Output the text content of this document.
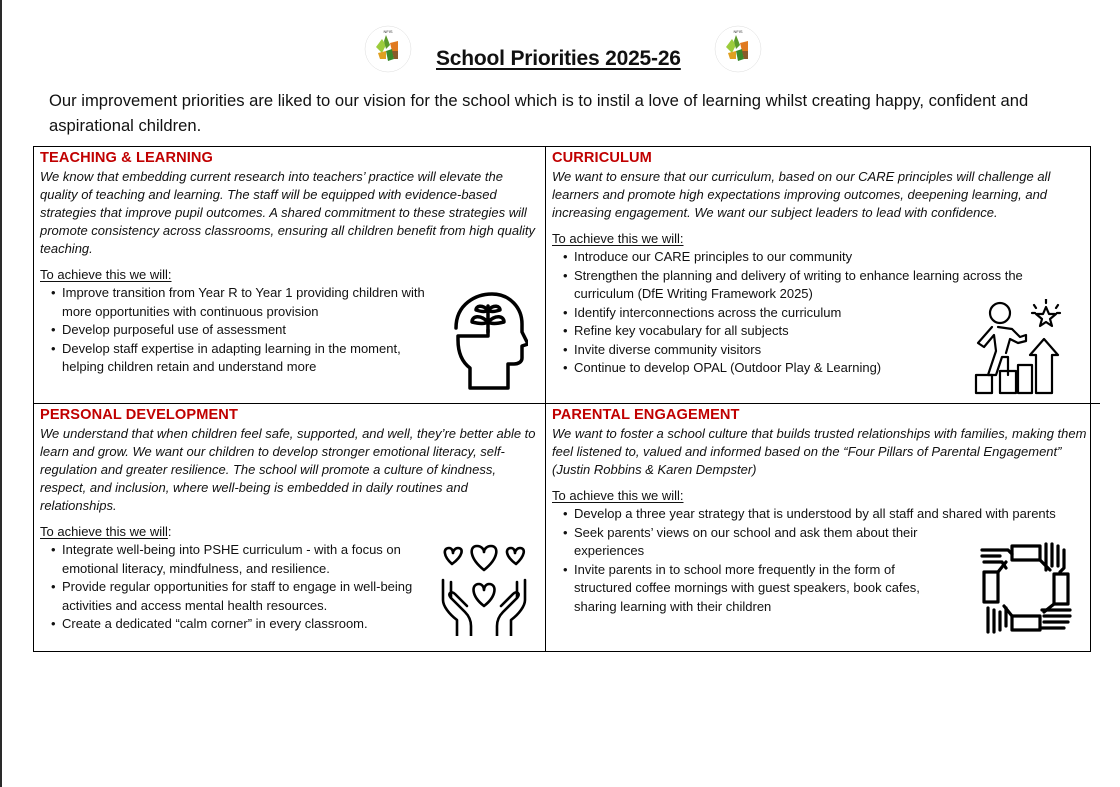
NFIS
School Priorities 2025-26
NFIS
Our improvement priorities are liked to our vision for the school which is to instil a love of learning whilst creating happy, confident and aspirational children.
TEACHING & LEARNING

We know that embedding current research into teachers’ practice will elevate the quality of teaching and learning. The staff will be equipped with evidence-based strategies that improve pupil outcomes. A shared commitment to these strategies will promote consistency across classrooms, ensuring all children benefit from high quality teaching.

To achieve this we will:

• Improve transition from Year R to Year 1 providing children with more opportunities with continuous provision
• Develop purposeful use of assessment
• Develop staff expertise in adapting learning in the moment, helping children retain and understand more
CURRICULUM

We want to ensure that our curriculum, based on our CARE principles will challenge all learners and promote high expectations improving outcomes, deepening learning, and increasing engagement. We want our subject leaders to lead with confidence.

To achieve this we will:

• Introduce our CARE principles to our community
• Strengthen the planning and delivery of writing to enhance learning across the curriculum (DfE Writing Framework 2025)
• Identify interconnections across the curriculum
• Refine key vocabulary for all subjects
• Invite diverse community visitors
• Continue to develop OPAL (Outdoor Play & Learning)
PERSONAL DEVELOPMENT

We understand that when children feel safe, supported, and well, they’re better able to learn and grow. We want our children to develop stronger emotional literacy, self-regulation and greater resilience. The school will promote a culture of kindness, respect, and inclusion, where well-being is embedded in daily routines and relationships.

To achieve this we will:

• Integrate well-being into PSHE curriculum - with a focus on emotional literacy, mindfulness, and resilience.
• Provide regular opportunities for staff to engage in well-being activities and access mental health resources.
• Create a dedicated “calm corner” in every classroom.
PARENTAL ENGAGEMENT

We want to foster a school culture that builds trusted relationships with families, making them feel listened to, valued and informed based on the “Four Pillars of Parental Engagement” (Justin Robbins & Karen Dempster)

To achieve this we will:

• Develop a three year strategy that is understood by all staff and shared with parents
• Seek parents’ views on our school and ask them about their experiences
• Invite parents in to school more frequently in the form of structured coffee mornings with guest speakers, book cafes, sharing learning with their children
